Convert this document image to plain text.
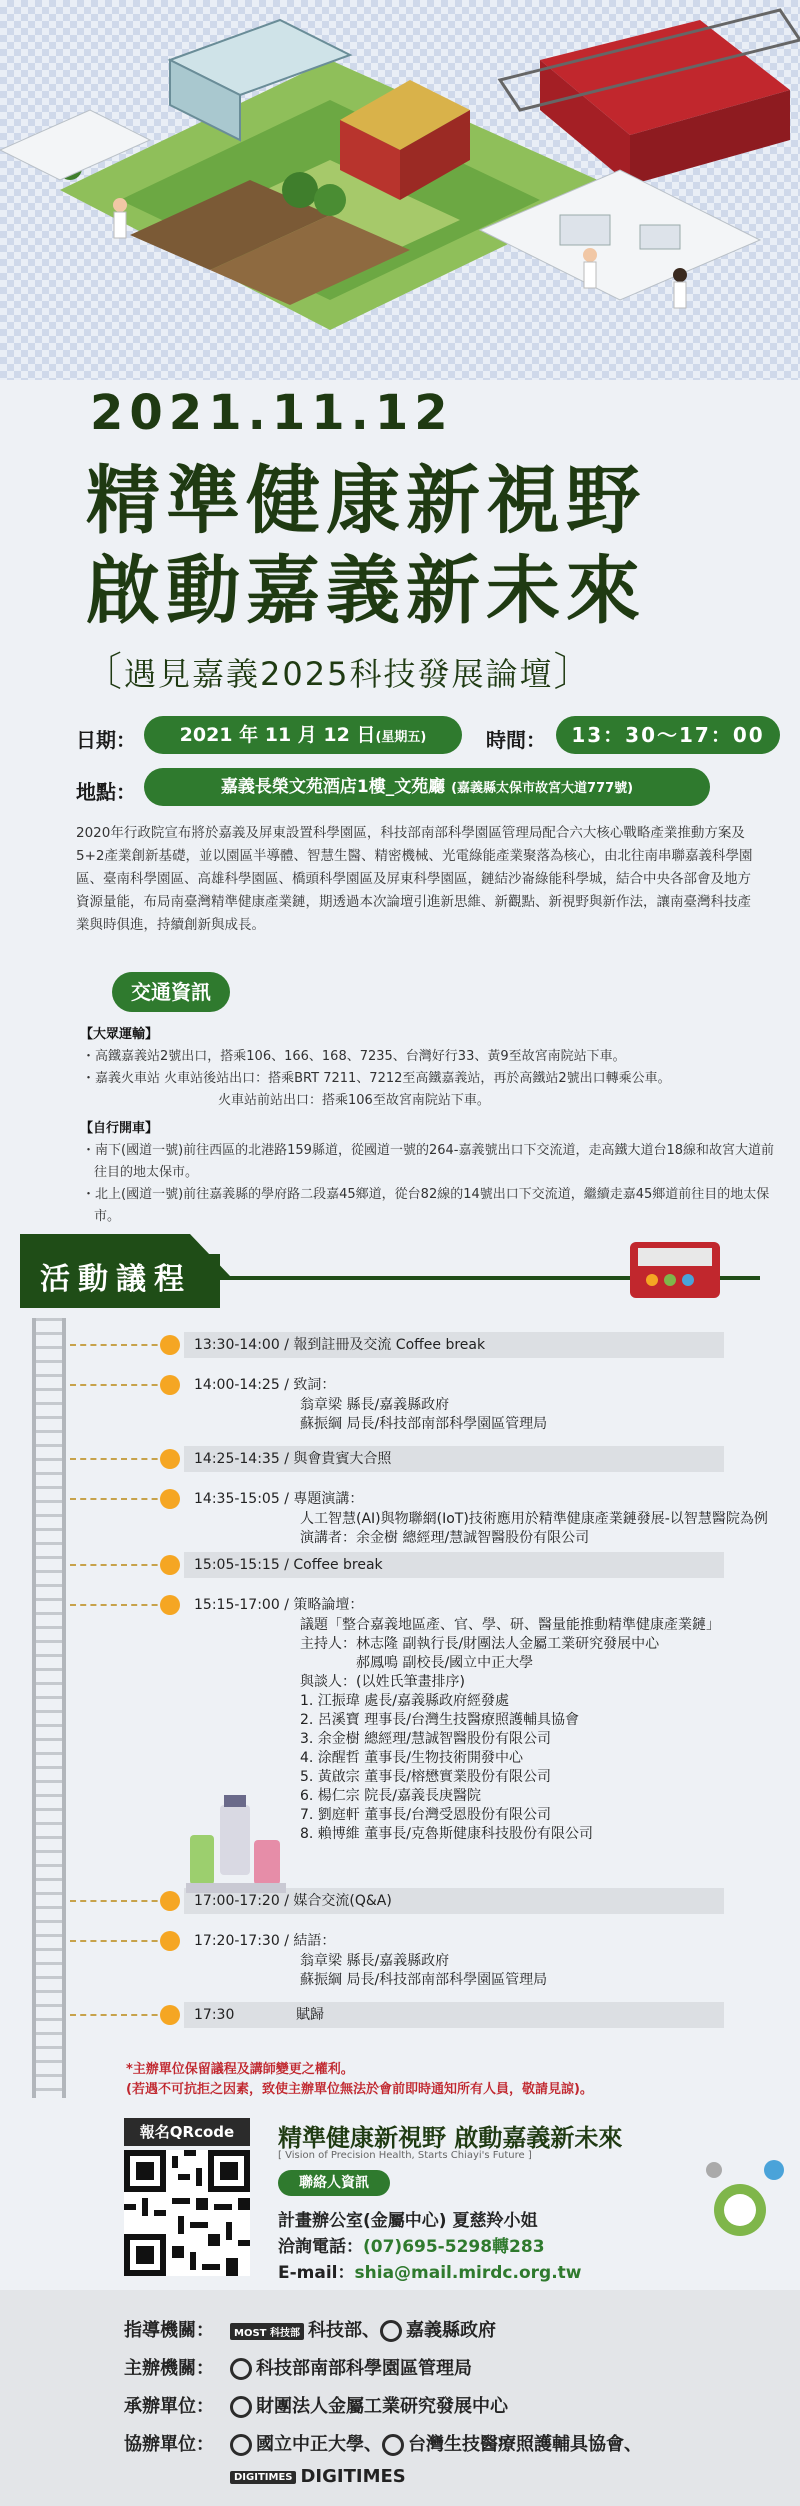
2021.11.12
精準健康新視野
啟動嘉義新未來
〔遇見嘉義2025科技發展論壇〕
日期：	2021 年 11 月 12 日(星期五)	時間：	13：30～17：00
地點：	嘉義長榮文苑酒店1樓_文苑廳 (嘉義縣太保市故宮大道777號)
2020年行政院宣布將於嘉義及屏東設置科學園區，科技部南部科學園區管理局配合六大核心戰略產業推動方案及5+2產業創新基礎，並以園區半導體、智慧生醫、精密機械、光電綠能產業聚落為核心，由北往南串聯嘉義科學園區、臺南科學園區、高雄科學園區、橋頭科學園區及屏東科學園區，鏈結沙崙綠能科學城，結合中央各部會及地方資源量能，布局南臺灣精準健康產業鏈，期透過本次論壇引進新思維、新觀點、新視野與新作法，讓南臺灣科技產業與時俱進，持續創新與成長。
交通資訊
【大眾運輸】
・高鐵嘉義站2號出口，搭乘106、166、168、7235、台灣好行33、黃9至故宮南院站下車。
・嘉義火車站 火車站後站出口：搭乘BRT 7211、7212至高鐵嘉義站，再於高鐵站2號出口轉乘公車。
火車站前站出口：搭乘106至故宮南院站下車。
【自行開車】
・南下(國道一號)前往西區的北港路159縣道，從國道一號的264-嘉義號出口下交流道，走高鐵大道台18線和故宮大道前往目的地太保市。
・北上(國道一號)前往嘉義縣的學府路二段嘉45鄉道，從台82線的14號出口下交流道，繼續走嘉45鄉道前往目的地太保市。
活動議程
13:30-14:00 / 報到註冊及交流 Coffee break
14:00-14:25 / 致詞：
翁章梁 縣長/嘉義縣政府
蘇振綱 局長/科技部南部科學園區管理局
14:25-14:35 / 與會貴賓大合照
14:35-15:05 / 專題演講：
人工智慧(AI)與物聯網(IoT)技術應用於精準健康產業鏈發展-以智慧醫院為例
演講者：余金樹 總經理/慧誠智醫股份有限公司
15:05-15:15 / Coffee break
15:15-17:00 / 策略論壇：
議題「整合嘉義地區產、官、學、研、醫量能推動精準健康產業鏈」
主持人：林志隆 副執行長/財團法人金屬工業研究發展中心
　　　　郝鳳鳴 副校長/國立中正大學
與談人：(以姓氏筆畫排序)
1. 江振瑋 處長/嘉義縣政府經發處
2. 呂溪寶 理事長/台灣生技醫療照護輔具協會
3. 余金樹 總經理/慧誠智醫股份有限公司
4. 涂醒哲 董事長/生物技術開發中心
5. 黃啟宗 董事長/榕懋實業股份有限公司
6. 楊仁宗 院長/嘉義長庚醫院
7. 劉庭軒 董事長/台灣受恩股份有限公司
8. 賴博維 董事長/克魯斯健康科技股份有限公司
17:00-17:20 / 媒合交流(Q&A)
17:20-17:30 / 結語：
翁章梁 縣長/嘉義縣政府
蘇振綱 局長/科技部南部科學園區管理局
17:30	賦歸
*主辦單位保留議程及講師變更之權利。
(若遇不可抗拒之因素，致使主辦單位無法於會前即時通知所有人員，敬請見諒)。
報名QRcode	精準健康新視野 啟動嘉義新未來
[ Vision of Precision Health, Starts Chiayi's Future ]
聯絡人資訊
計畫辦公室(金屬中心) 夏慈羚小姐
洽詢電話：(07)695-5298轉283
E-mail：shia@mail.mirdc.org.tw
指導機關： MOST 科技部 科技部、 嘉義縣政府
主辦機關： 科技部南部科學園區管理局
承辦單位： 財團法人金屬工業研究發展中心
協辦單位： 國立中正大學、 台灣生技醫療照護輔具協會、
DIGITIMES DIGITIMES
